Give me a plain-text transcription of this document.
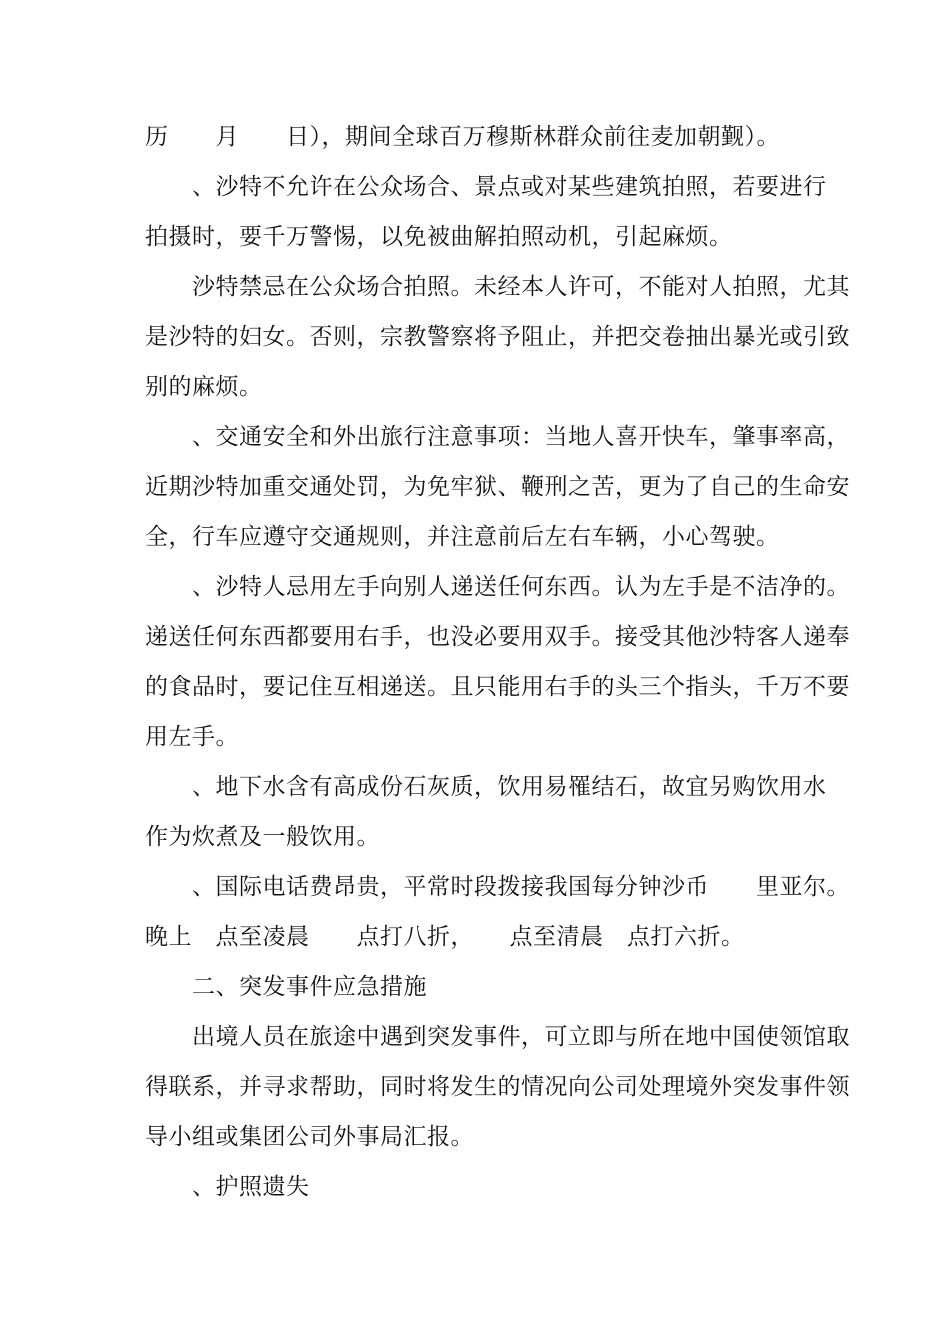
历　　月　　日），期间全球百万穆斯林群众前往麦加朝觐）。
　　、沙特不允许在公众场合、景点或对某些建筑拍照，若要进行
拍摄时，要千万警惕，以免被曲解拍照动机，引起麻烦。
　　沙特禁忌在公众场合拍照。未经本人许可，不能对人拍照，尤其
是沙特的妇女。否则，宗教警察将予阻止，并把交卷抽出暴光或引致
别的麻烦。
　　、交通安全和外出旅行注意事项：当地人喜开快车，肇事率高，
近期沙特加重交通处罚，为免牢狱、鞭刑之苦，更为了自己的生命安
全，行车应遵守交通规则，并注意前后左右车辆，小心驾驶。
　　、沙特人忌用左手向别人递送任何东西。认为左手是不洁净的。
递送任何东西都要用右手，也没必要用双手。接受其他沙特客人递奉
的食品时，要记住互相递送。且只能用右手的头三个指头，千万不要
用左手。
　　、地下水含有高成份石灰质，饮用易罹结石，故宜另购饮用水
作为炊煮及一般饮用。
　　、国际电话费昂贵，平常时段拨接我国每分钟沙币　　里亚尔。
晚上　点至凌晨　　点打八折，　　点至清晨　点打六折。
　　二、突发事件应急措施
　　出境人员在旅途中遇到突发事件，可立即与所在地中国使领馆取
得联系，并寻求帮助，同时将发生的情况向公司处理境外突发事件领
导小组或集团公司外事局汇报。
　　、护照遗失
